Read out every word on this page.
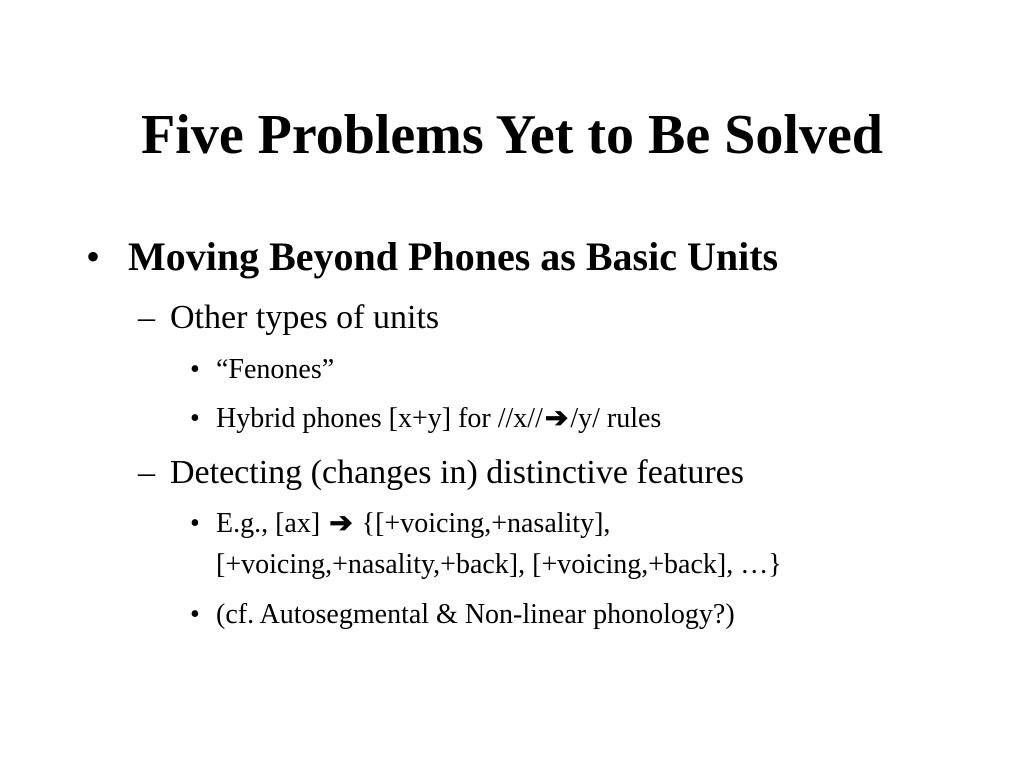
Five Problems Yet to Be Solved
• Moving Beyond Phones as Basic Units
– Other types of units
• “Fenones”
• Hybrid phones [x+y] for //x//➔/y/ rules
– Detecting (changes in) distinctive features
• E.g., [ax] ➔ {[+voicing,+nasality],
[+voicing,+nasality,+back], [+voicing,+back], …}
• (cf. Autosegmental & Non-linear phonology?)
